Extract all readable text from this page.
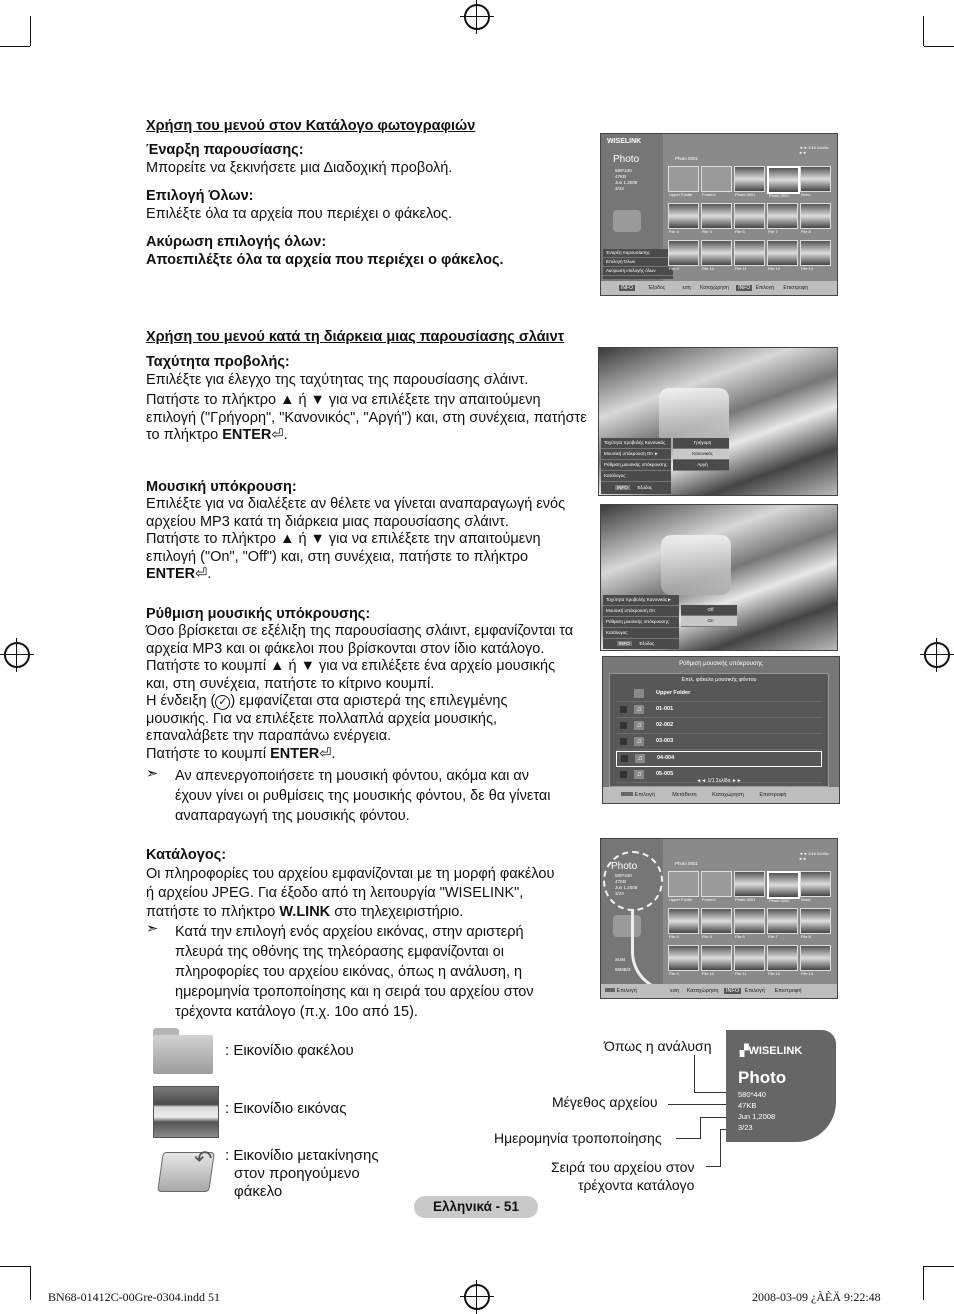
Χρήση του μενού στον Κατάλογο φωτογραφιών
Έναρξη παρουσίασης:
Μπορείτε να ξεκινήσετε μια Διαδοχική προβολή.
Επιλογή Όλων:
Επιλέξτε όλα τα αρχεία που περιέχει ο φάκελος.
Ακύρωση επιλογής όλων:
Αποεπιλέξτε όλα τα αρχεία που περιέχει ο φάκελος.
WISELINK
Photo
580*440
47KB
Jun 1,2008
3/23
◄◄ 1/16 Σελίδα ►►
Photo 0001
Έναρξη παρουσίασης
Επιλογή Όλων
Ακύρωση επιλογής όλων
INFO	Έξοδος	εση Καταχώρηση INFO Επιλογή Επιστροφή
Upper Folder Forder1	Photo 0001	Photo 0002	None
File 4	File 5	File 6	File 7	File 8
File 9	File 10	File 11	File 12	File 13
Χρήση του μενού κατά τη διάρκεια μιας παρουσίασης σλάιντ
Ταχύτητα προβολής:
Επιλέξτε για έλεγχο της ταχύτητας της παρουσίασης σλάιντ.
Πατήστε το πλήκτρο ▲ ή ▼ για να επιλέξετε την απαιτούμενη
επιλογή ("Γρήγορη", "Κανονικός", "Αργή") και, στη συνέχεια, πατήστε
το πλήκτρο ENTER⏎.
Μουσική υπόκρουση:
Επιλέξτε για να διαλέξετε αν θέλετε να γίνεται αναπαραγωγή ενός
αρχείου MP3 κατά τη διάρκεια μιας παρουσίασης σλάιντ.
Πατήστε το πλήκτρο ▲ ή ▼ για να επιλέξετε την απαιτούμενη
επιλογή ("On", "Off") και, στη συνέχεια, πατήστε το πλήκτρο
ENTER⏎.
Ρύθμιση μουσικής υπόκρουσης:
Όσο βρίσκεται σε εξέλιξη της παρουσίασης σλάιντ, εμφανίζονται τα
αρχεία MP3 και οι φάκελοι που βρίσκονται στον ίδιο κατάλογο.
Πατήστε το κουμπί ▲ ή ▼ για να επιλέξετε ένα αρχείο μουσικής
και, στη συνέχεια, πατήστε το κίτρινο κουμπί.
Η ένδειξη ( ✓ ) εμφανίζεται στα αριστερά της επιλεγμένης
μουσικής. Για να επιλέξετε πολλαπλά αρχεία μουσικής,
επαναλάβετε την παραπάνω ενέργεια.
Πατήστε το κουμπί ENTER⏎.
➣ Αν απενεργοποιήσετε τη μουσική φόντου, ακόμα και αν
έχουν γίνει οι ρυθμίσεις της μουσικής φόντου, δε θα γίνεται
αναπαραγωγή της μουσικής φόντου.
Κατάλογος:
Οι πληροφορίες του αρχείου εμφανίζονται με τη μορφή φακέλου
ή αρχείου JPEG. Για έξοδο από τη λειτουργία "WISELINK",
πατήστε το πλήκτρο W.LINK στο τηλεχειριστήριο.
➣ Κατά την επιλογή ενός αρχείου εικόνας, στην αριστερή
πλευρά της οθόνης της τηλεόρασης εμφανίζονται οι
πληροφορίες του αρχείου εικόνας, όπως η ανάλυση, η
ημερομηνία τροποποίησης και η σειρά του αρχείου στον
τρέχοντα κατάλογο (π.χ. 10ο από 15).
Ταχύτητα προβολής Κανονικός
Μουσική υπόκρουση On ►
Ρύθμιση μουσικής υπόκρουσης
Κατάλογος
INFO Έξοδος
Γρήγορη
Κανονικός
Αργή
Ταχύτητα προβολής Κανονικός►
Μουσική υπόκρουση On
Ρύθμιση μουσικής υπόκρουσης
Κατάλογος
INFO Έξοδος
Off
On
Ρύθμιση μουσικής υπόκρουσης
Επιλ. φάκελο μουσικής φόντου
Upper Folder
♫	01-001
♫	02-002
♫	03-003
♫	04-004
♫	05-005
◄◄ 1/1 Σελίδα ►►
Επιλογή	Μετάθεση	Καταχώρηση	Επιστροφή
Photo
580*440
47KB
Jun 1,2008
3/23
SUM
86MB/3
◄◄ 1/16 Σελίδα ►►
Photo 0001
Επιλογή	εση Καταχώρηση INFO Επιλογή Επιστροφή
Upper Folder Forder1	Photo 0001	Photo 0002	None
File 4	File 5	File 6	File 7	File 8
File 9	File 10	File 11	File 12	File 13
: Εικονίδιο φακέλου
: Εικονίδιο εικόνας
↶ : Εικονίδιο μετακίνησης
στον προηγούμενο
φάκελο
Όπως η ανάλυση
Μέγεθος αρχείου
Ημερομηνία τροποποίησης
Σειρά του αρχείου στον
τρέχοντα κατάλογο
▞WISELINK
Photo
580*440
47KB
Jun 1,2008
3/23
Ελληνικά - 51
BN68-01412C-00Gre-0304.indd 51	2008-03-09 ¿ÀÈÄ 9:22:48
